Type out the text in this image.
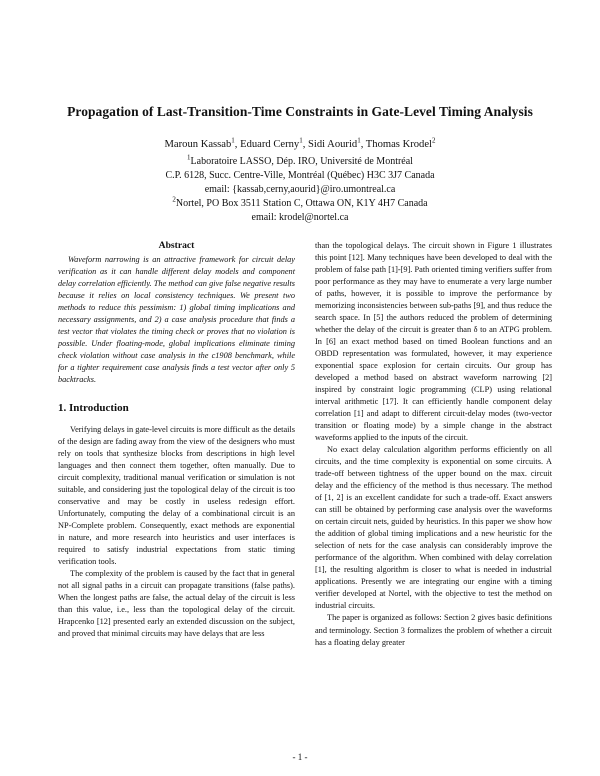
Propagation of Last-Transition-Time Constraints in Gate-Level Timing Analysis
Maroun Kassab$^1$, Eduard Cerny$^1$, Sidi Aourid$^1$, Thomas Krodel$^2$
$^1$Laboratoire LASSO, Dép. IRO, Université de Montréal
C.P. 6128, Succ. Centre-Ville, Montréal (Québec) H3C 3J7 Canada
email: {kassab,cerny,aourid}@iro.umontreal.ca
$^2$Nortel, PO Box 3511 Station C, Ottawa ON, K1Y 4H7 Canada
email: krodel@nortel.ca
Abstract

Waveform narrowing is an attractive framework for circuit delay verification as it can handle different delay models and component delay correlation efficiently. The method can give false negative results because it relies on local consistency techniques. We present two methods to reduce this pessimism: 1) global timing implications and necessary assignments, and 2) a case analysis procedure that finds a test vector that violates the timing check or proves that no violation is possible. Under floating-mode, global implications eliminate timing check violation without case analysis in the c1908 benchmark, while for a tighter requirement case analysis finds a test vector after only 5 backtracks.

1. Introduction

Verifying delays in gate-level circuits is more difficult as the details of the design are fading away from the view of the designers who must rely on tools that synthesize blocks from descriptions in high level languages and then connect them together, often manually. Due to circuit complexity, traditional manual verification or simulation is not suitable, and considering just the topological delay of the circuit is too conservative and may be costly in useless redesign effort. Unfortunately, computing the delay of a combinational circuit is an NP-Complete problem. Consequently, exact methods are exponential in nature, and more research into heuristics and user interfaces is required to satisfy industrial expectations from static timing verification tools.

The complexity of the problem is caused by the fact that in general not all signal paths in a circuit can propagate transitions (false paths). When the longest paths are false, the actual delay of the circuit is less than this value, i.e., less than the topological delay of the circuit. Hrapcenko [12] presented early an extended discussion on the subject, and proved that minimal circuits may have delays that are less

than the topological delays. The circuit shown in Figure 1 illustrates this point [12]. Many techniques have been developed to deal with the problem of false path [1]-[9]. Path oriented timing verifiers suffer from poor performance as they may have to enumerate a very large number of paths, however, it is possible to improve the performance by memorizing inconsistencies between sub-paths [9], and thus reduce the search space. In [5] the authors reduced the problem of determining whether the delay of the circuit is greater than δ to an ATPG problem. In [6] an exact method based on timed Boolean functions and an OBDD representation was formulated, however, it may experience exponential space explosion for certain circuits. Our group has developed a method based on abstract waveform narrowing [2] inspired by constraint logic programming (CLP) using relational interval arithmetic [17]. It can efficiently handle component delay correlation [1] and adapt to different circuit-delay modes (two-vector transition or floating mode) by a simple change in the abstract waveforms applied to the inputs of the circuit.

No exact delay calculation algorithm performs efficiently on all circuits, and the time complexity is exponential on some circuits. A trade-off between tightness of the upper bound on the max. circuit delay and the efficiency of the method is thus necessary. The method of [1, 2] is an excellent candidate for such a trade-off. Exact answers can still be obtained by performing case analysis over the waveforms on certain circuit nets, guided by heuristics. In this paper we show how the addition of global timing implications and a new heuristic for the selection of nets for the case analysis can considerably improve the performance of the algorithm. When combined with delay correlation [1], the resulting algorithm is closer to what is needed in industrial applications. Presently we are integrating our engine with a timing verifier developed at Nortel, with the objective to test the method on industrial circuits.

The paper is organized as follows: Section 2 gives basic definitions and terminology. Section 3 formalizes the problem of whether a circuit has a floating delay greater

- 1 -
